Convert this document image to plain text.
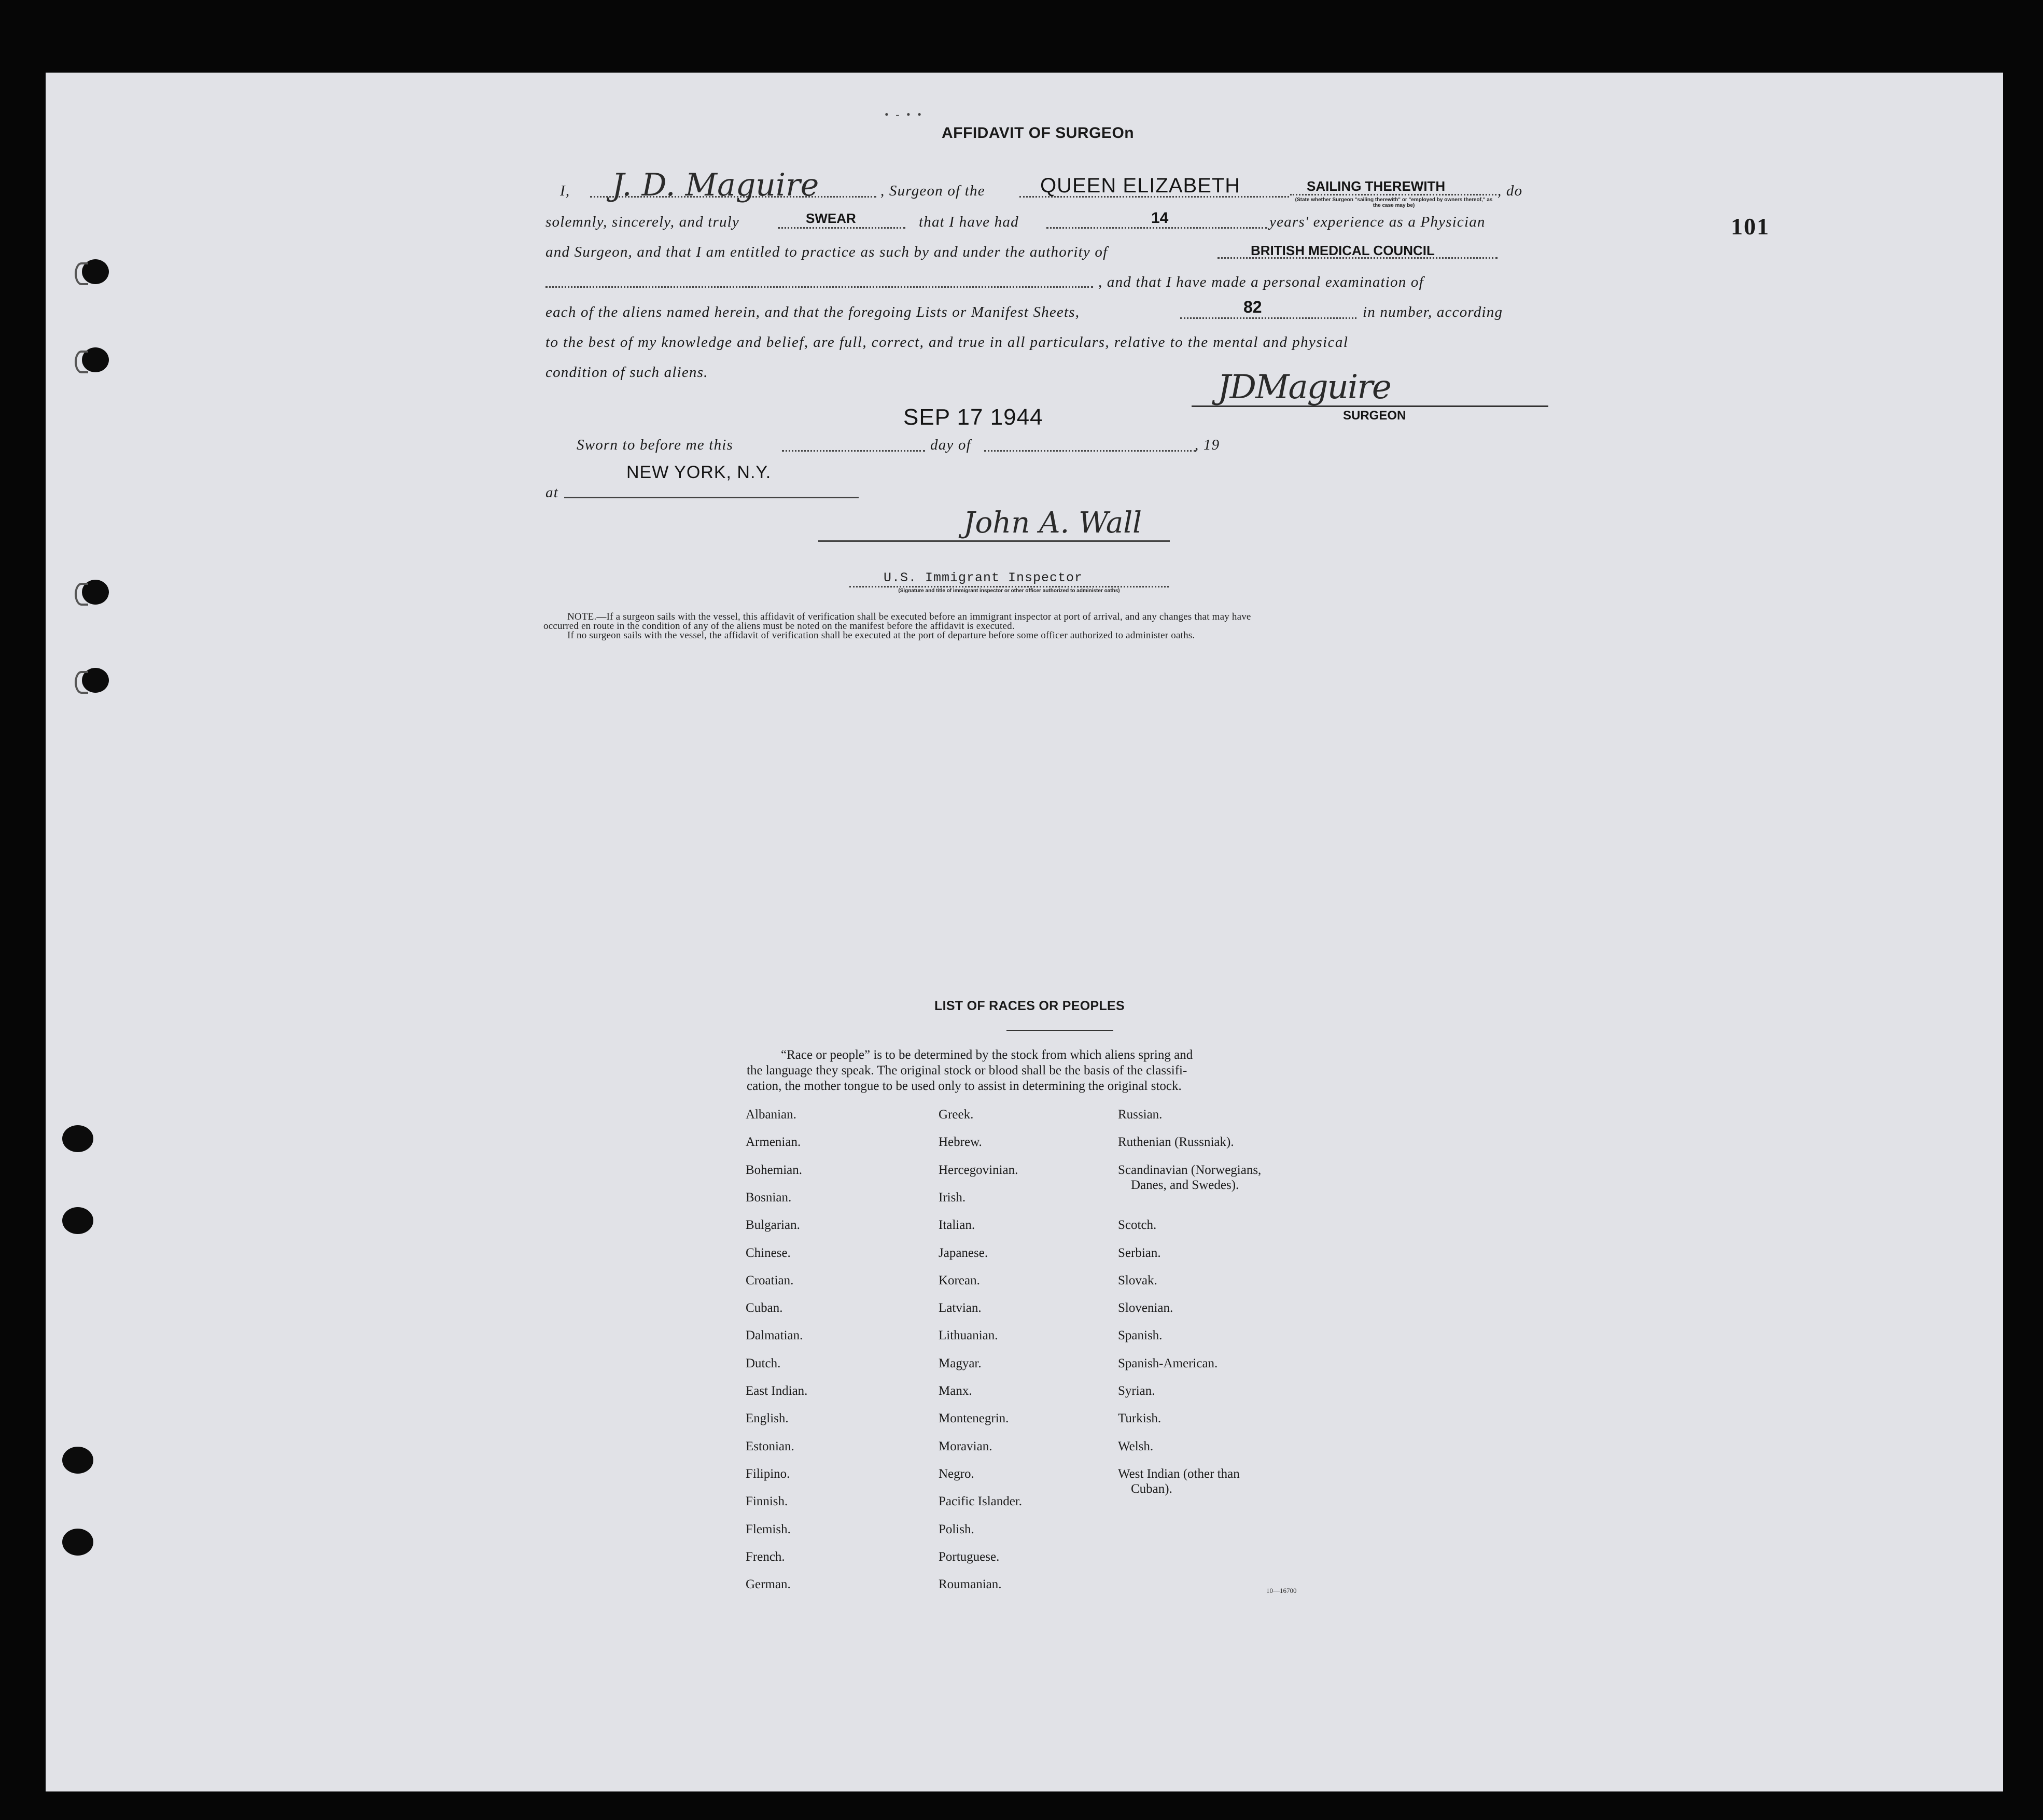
• - • •
101
AFFIDAVIT OF SURGEOn
I, J. D. Maguire	, Surgeon of the	QUEEN ELIZABETH	SAILING THEREWITH
(State whether Surgeon "sailing therewith" or "employed by owners thereof," as the case may be)
, do
solemnly, sincerely, and truly	SWEAR	that I have had	14	years' experience as a Physician
and Surgeon, and that I am entitled to practice as such by and under the authority of	BRITISH MEDICAL COUNCIL
, and that I have made a personal examination of
each of the aliens named herein, and that the foregoing Lists or Manifest Sheets,	82	in number, according
to the best of my knowledge and belief, are full, correct, and true in all particulars, relative to the mental and physical
condition of such aliens.	JDMaguire
SURGEON
SEP 17 1944
Sworn to before me this	day of	, 19
NEW YORK, N.Y.
at
John A. Wall
U.S. Immigrant Inspector
(Signature and title of immigrant inspector or other officer authorized to administer oaths)
NOTE.—If a surgeon sails with the vessel, this affidavit of verification shall be executed before an immigrant inspector at port of arrival, and any changes that may have
occurred en route in the condition of any of the aliens must be noted on the manifest before the affidavit is executed.
If no surgeon sails with the vessel, the affidavit of verification shall be executed at the port of departure before some officer authorized to administer oaths.
LIST OF RACES OR PEOPLES
“Race or people” is to be determined by the stock from which aliens spring and
the language they speak. The original stock or blood shall be the basis of the classifi-
cation, the mother tongue to be used only to assist in determining the original stock.
Albanian.
Armenian.
Bohemian.
Bosnian.
Bulgarian.
Chinese.
Croatian.
Cuban.
Dalmatian.
Dutch.
East Indian.
English.
Estonian.
Filipino.
Finnish.
Flemish.
French.
German.
Greek.
Hebrew.
Hercegovinian.
Irish.
Italian.
Japanese.
Korean.
Latvian.
Lithuanian.
Magyar.
Manx.
Montenegrin.
Moravian.
Negro.
Pacific Islander.
Polish.
Portuguese.
Roumanian.
Russian.
Ruthenian (Russniak).
Scandinavian (Norwegians,
Danes, and Swedes).
Scotch.
Serbian.
Slovak.
Slovenian.
Spanish.
Spanish-American.
Syrian.
Turkish.
Welsh.
West Indian (other than
Cuban).
10—16700
